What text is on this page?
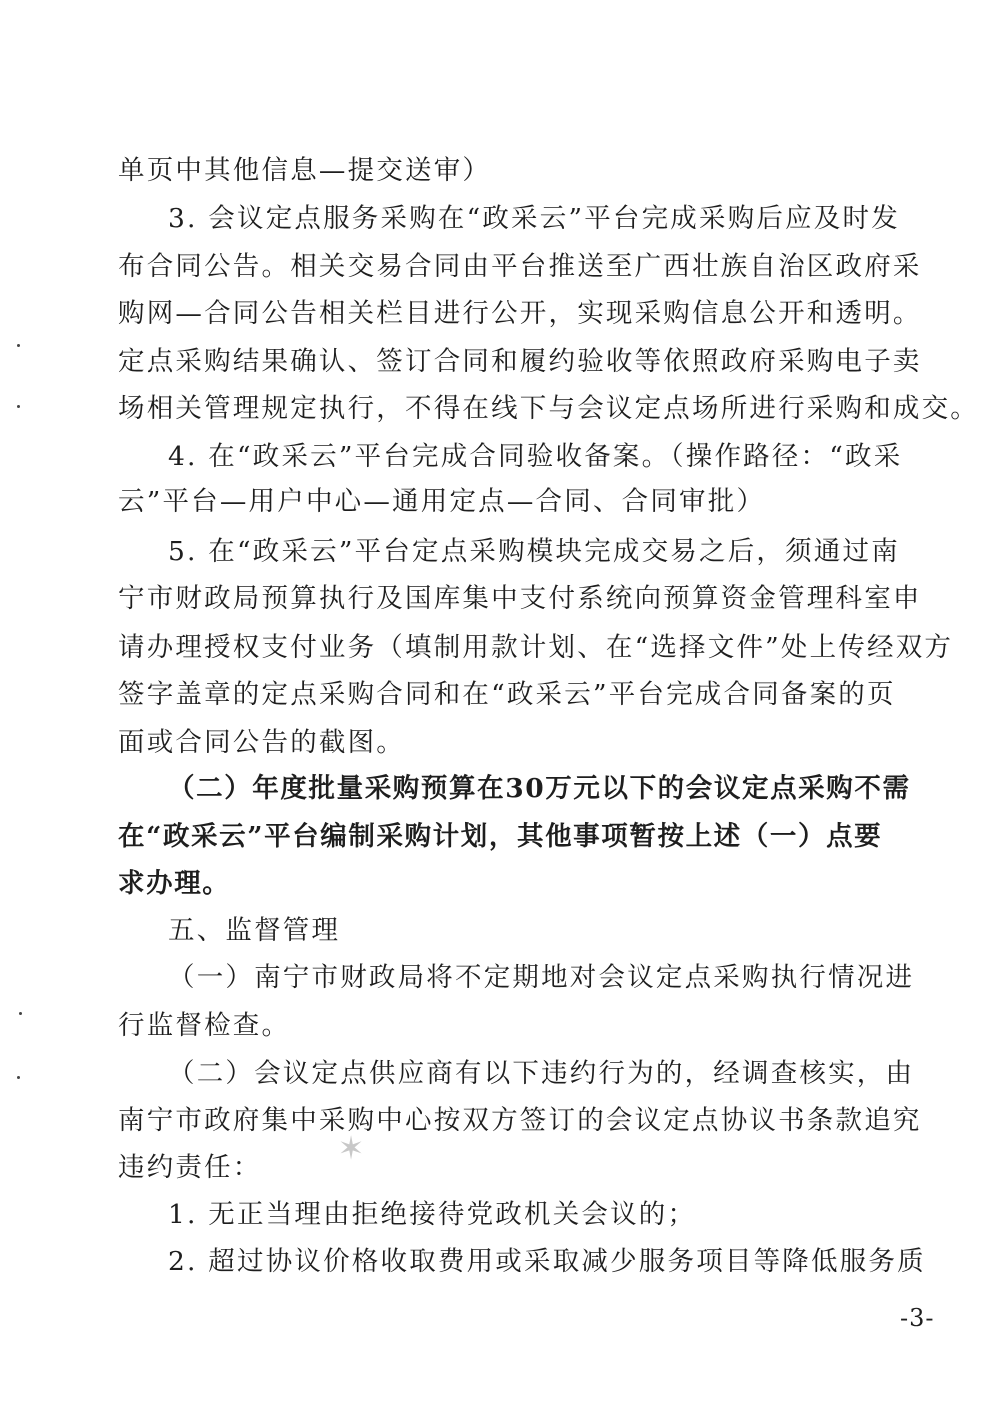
单页中其他信息—提交送审）
3. 会议定点服务采购在“政采云”平台完成采购后应及时发
布合同公告。相关交易合同由平台推送至广西壮族自治区政府采
购网—合同公告相关栏目进行公开，实现采购信息公开和透明。
定点采购结果确认、签订合同和履约验收等依照政府采购电子卖
场相关管理规定执行，不得在线下与会议定点场所进行采购和成交。
4. 在“政采云”平台完成合同验收备案。（操作路径：“政采
云”平台—用户中心—通用定点—合同、合同审批）
5. 在“政采云”平台定点采购模块完成交易之后，须通过南
宁市财政局预算执行及国库集中支付系统向预算资金管理科室申
请办理授权支付业务（填制用款计划、在“选择文件”处上传经双方
签字盖章的定点采购合同和在“政采云”平台完成合同备案的页
面或合同公告的截图。
（二）年度批量采购预算在30万元以下的会议定点采购不需
在“政采云”平台编制采购计划，其他事项暂按上述（一）点要
求办理。
五、监督管理
（一）南宁市财政局将不定期地对会议定点采购执行情况进
行监督检查。
（二）会议定点供应商有以下违约行为的，经调查核实，由
南宁市政府集中采购中心按双方签订的会议定点协议书条款追究
违约责任：
1. 无正当理由拒绝接待党政机关会议的；
2. 超过协议价格收取费用或采取减少服务项目等降低服务质
✶
-3-
